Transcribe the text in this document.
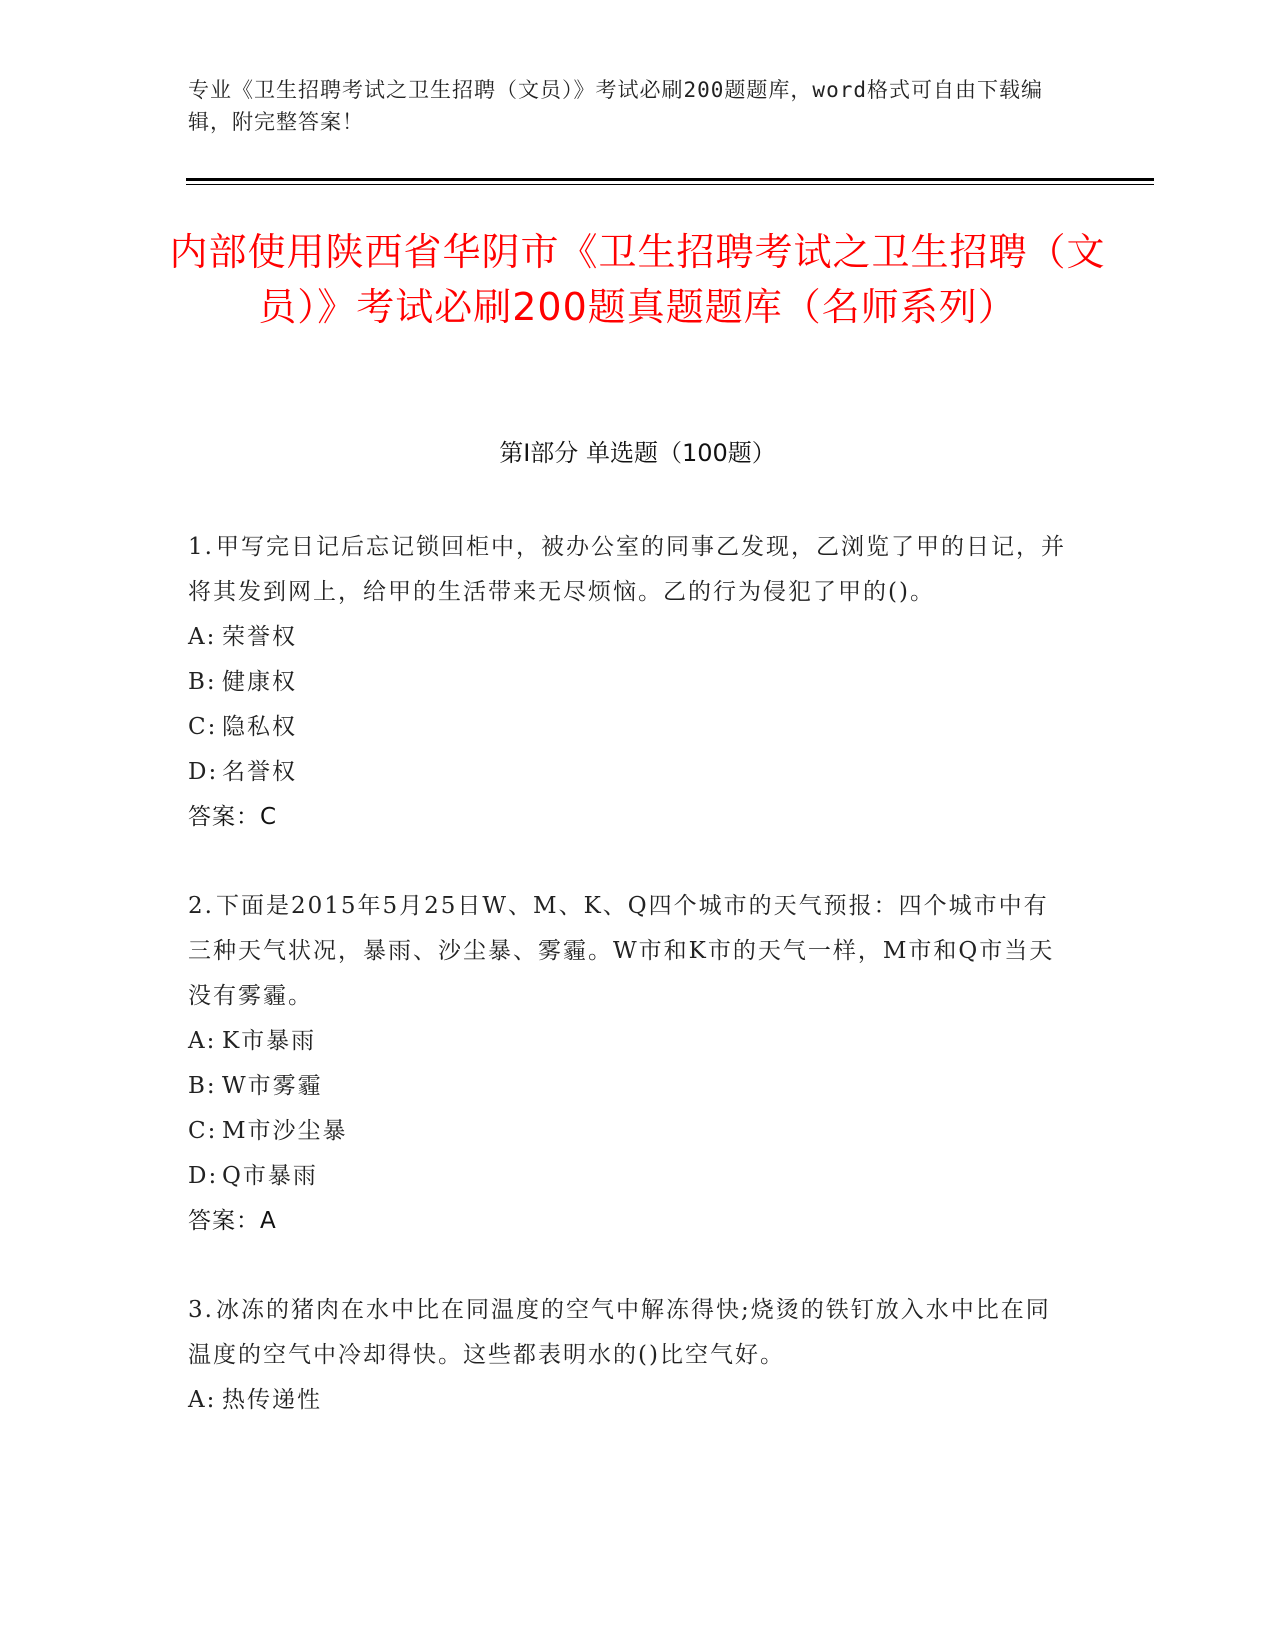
专业《卫生招聘考试之卫生招聘（文员）》考试必刷200题题库，word格式可自由下载编辑，附完整答案！
内部使用陕西省华阴市《卫生招聘考试之卫生招聘（文员）》考试必刷200题真题题库（名师系列）
第I部分 单选题（100题）

1.甲写完日记后忘记锁回柜中，被办公室的同事乙发现，乙浏览了甲的日记，并将其发到网上，给甲的生活带来无尽烦恼。乙的行为侵犯了甲的()。

A: 荣誉权

B: 健康权

C: 隐私权

D: 名誉权

答案：C

2.下面是2015年5月25日W、M、K、Q四个城市的天气预报：四个城市中有三种天气状况，暴雨、沙尘暴、雾霾。W市和K市的天气一样，M市和Q市当天没有雾霾。

A: K市暴雨

B: W市雾霾

C: M市沙尘暴

D: Q市暴雨

答案：A

3.冰冻的猪肉在水中比在同温度的空气中解冻得快;烧烫的铁钉放入水中比在同温度的空气中冷却得快。这些都表明水的()比空气好。

A: 热传递性
